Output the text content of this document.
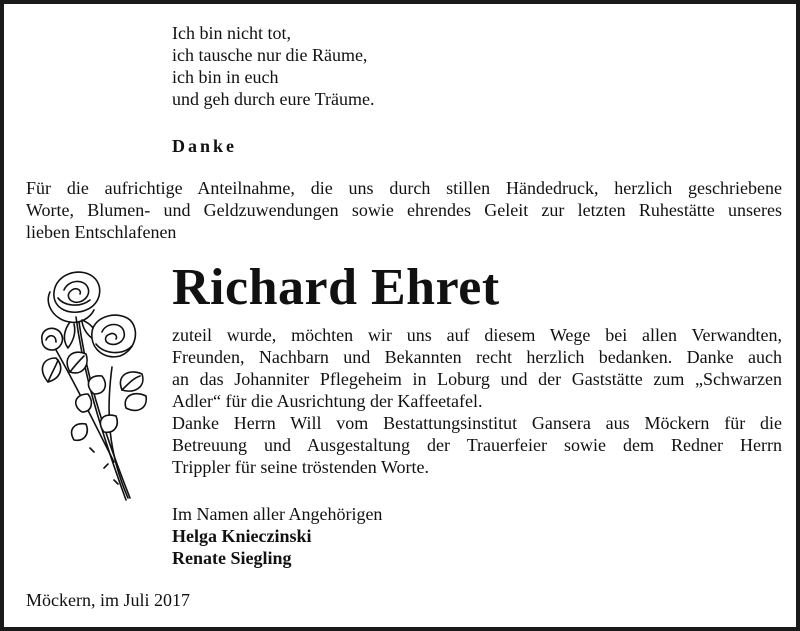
Ich bin nicht tot,
ich tausche nur die Räume,
ich bin in euch
und geh durch eure Träume.
Danke
Für die aufrichtige Anteilnahme, die uns durch stillen Händedruck, herzlich geschriebene
Worte, Blumen- und Geldzuwendungen sowie ehrendes Geleit zur letzten Ruhestätte unseres
lieben Entschlafenen
Richard Ehret
zuteil wurde, möchten wir uns auf diesem Wege bei allen Verwandten,
Freunden, Nachbarn und Bekannten recht herzlich bedanken. Danke auch
an das Johanniter Pflegeheim in Loburg und der Gaststätte zum „Schwarzen
Adler“ für die Ausrichtung der Kaffeetafel.
Danke Herrn Will vom Bestattungsinstitut Gansera aus Möckern für die
Betreuung und Ausgestaltung der Trauerfeier sowie dem Redner Herrn
Trippler für seine tröstenden Worte.
Im Namen aller Angehörigen
Helga Knieczinski
Renate Siegling
Möckern, im Juli 2017
